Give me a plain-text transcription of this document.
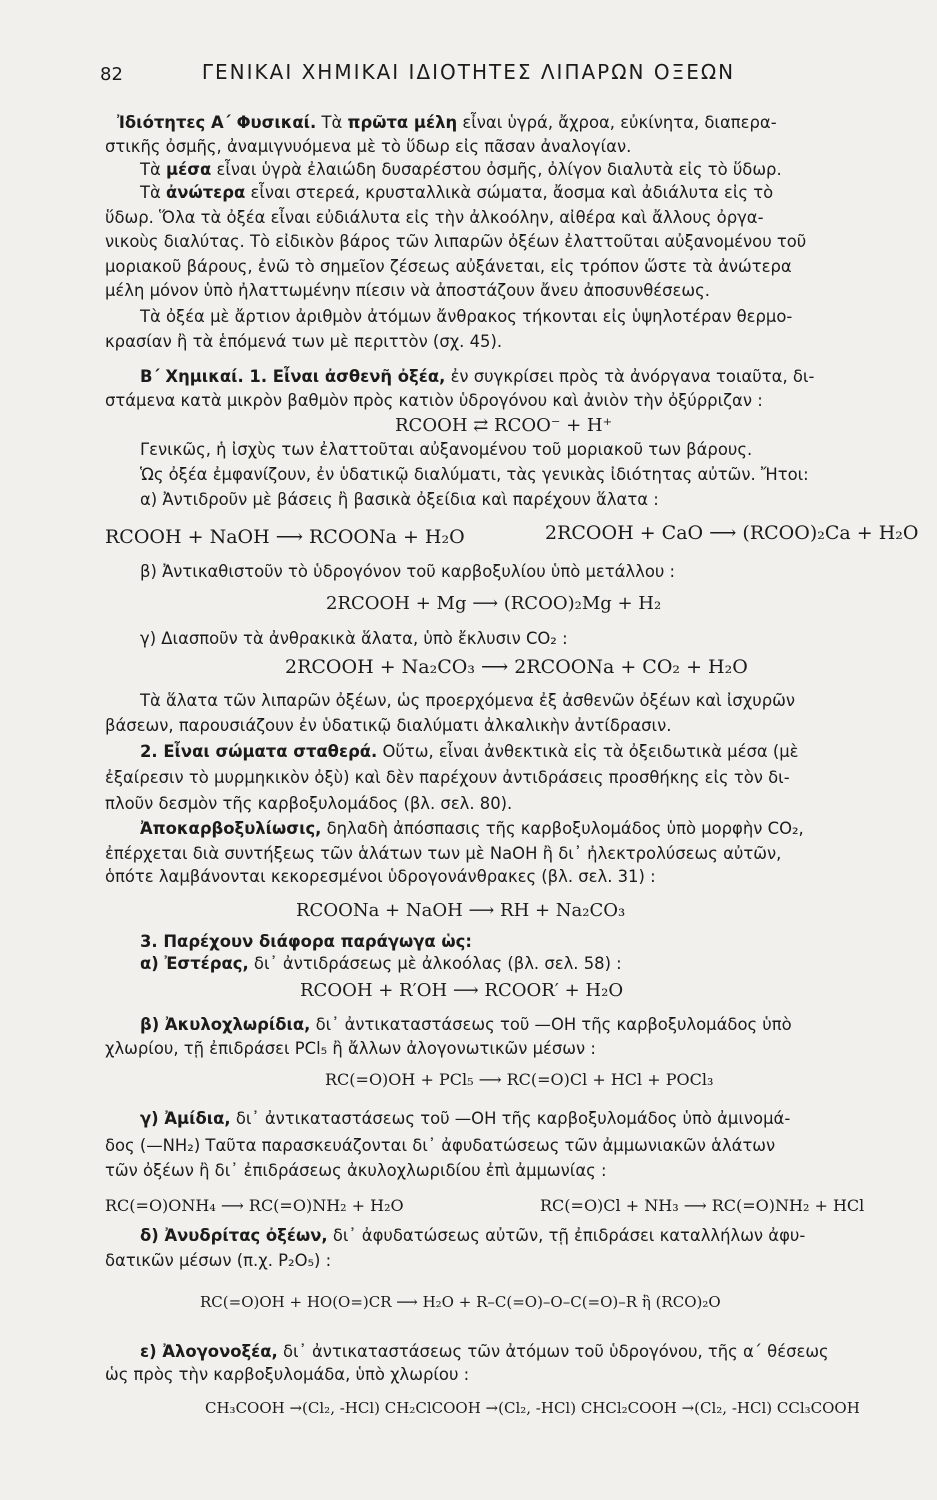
82	ΓΕΝΙΚΑΙ ΧΗΜΙΚΑΙ ΙΔΙΟΤΗΤΕΣ ΛΙΠΑΡΩΝ ΟΞΕΩΝ
Ἰδιότητες Α΄ Φυσικαί. Τὰ πρῶτα μέλη εἶναι ὑγρά, ἄχροα, εὐκίνητα, διαπερα-
στικῆς ὀσμῆς, ἀναμιγνυόμενα μὲ τὸ ὕδωρ εἰς πᾶσαν ἀναλογίαν.
Τὰ μέσα εἶναι ὑγρὰ ἐλαιώδη δυσαρέστου ὀσμῆς, ὀλίγον διαλυτὰ εἰς τὸ ὕδωρ.
Τὰ ἀνώτερα εἶναι στερεά, κρυσταλλικὰ σώματα, ἄοσμα καὶ ἀδιάλυτα εἰς τὸ
ὕδωρ. Ὅλα τὰ ὀξέα εἶναι εὐδιάλυτα εἰς τὴν ἀλκοόλην, αἰθέρα καὶ ἄλλους ὀργα-
νικοὺς διαλύτας. Τὸ εἰδικὸν βάρος τῶν λιπαρῶν ὀξέων ἐλαττοῦται αὐξανομένου τοῦ
μοριακοῦ βάρους, ἐνῶ τὸ σημεῖον ζέσεως αὐξάνεται, εἰς τρόπον ὥστε τὰ ἀνώτερα
μέλη μόνον ὑπὸ ἠλαττωμένην πίεσιν νὰ ἀποστάζουν ἄνευ ἀποσυνθέσεως.
Τὰ ὀξέα μὲ ἄρτιον ἀριθμὸν ἀτόμων ἄνθρακος τήκονται εἰς ὑψηλοτέραν θερμο-
κρασίαν ἢ τὰ ἑπόμενά των μὲ περιττὸν (σχ. 45).
Β΄ Χημικαί. 1. Εἶναι ἀσθενῆ ὀξέα, ἐν συγκρίσει πρὸς τὰ ἀνόργανα τοιαῦτα, δι-
στάμενα κατὰ μικρὸν βαθμὸν πρὸς κατιὸν ὑδρογόνου καὶ ἀνιὸν τὴν ὀξύρριζαν :
RCOOH ⇄ RCOO⁻ + H⁺
Γενικῶς, ἡ ἰσχὺς των ἐλαττοῦται αὐξανομένου τοῦ μοριακοῦ των βάρους.
Ὡς ὀξέα ἐμφανίζουν, ἐν ὑδατικῷ διαλύματι, τὰς γενικὰς ἰδιότητας αὐτῶν. Ἤτοι:
α) Ἀντιδροῦν μὲ βάσεις ἢ βασικὰ ὀξείδια καὶ παρέχουν ἅλατα :
RCOOH + NaOH ⟶ RCOONa + H₂O	2RCOOH + CaO ⟶ (RCOO)₂Ca + H₂O
β) Ἀντικαθιστοῦν τὸ ὑδρογόνον τοῦ καρβοξυλίου ὑπὸ μετάλλου :
2RCOOH + Mg ⟶ (RCOO)₂Mg + H₂
γ) Διασποῦν τὰ ἀνθρακικὰ ἅλατα, ὑπὸ ἔκλυσιν CO₂ :
2RCOOH + Na₂CO₃ ⟶ 2RCOONa + CO₂ + H₂O
Τὰ ἅλατα τῶν λιπαρῶν ὀξέων, ὡς προερχόμενα ἐξ ἀσθενῶν ὀξέων καὶ ἰσχυρῶν
βάσεων, παρουσιάζουν ἐν ὑδατικῷ διαλύματι ἀλκαλικὴν ἀντίδρασιν.
2. Εἶναι σώματα σταθερά. Οὕτω, εἶναι ἀνθεκτικὰ εἰς τὰ ὀξειδωτικὰ μέσα (μὲ
ἐξαίρεσιν τὸ μυρμηκικὸν ὀξὺ) καὶ δὲν παρέχουν ἀντιδράσεις προσθήκης εἰς τὸν δι-
πλοῦν δεσμὸν τῆς καρβοξυλομάδος (βλ. σελ. 80).
Ἀποκαρβοξυλίωσις, δηλαδὴ ἀπόσπασις τῆς καρβοξυλομάδος ὑπὸ μορφὴν CO₂,
ἐπέρχεται διὰ συντήξεως τῶν ἁλάτων των μὲ NaOH ἢ δι᾿ ἠλεκτρολύσεως αὐτῶν,
ὁπότε λαμβάνονται κεκορεσμένοι ὑδρογονάνθρακες (βλ. σελ. 31) :
RCOONa + NaOH ⟶ RH + Na₂CO₃
3. Παρέχουν διάφορα παράγωγα ὡς:
α) Ἐστέρας, δι᾿ ἀντιδράσεως μὲ ἀλκοόλας (βλ. σελ. 58) :
RCOOH + R′OH ⟶ RCOOR′ + H₂O
β) Ἀκυλοχλωρίδια, δι᾿ ἀντικαταστάσεως τοῦ —OH τῆς καρβοξυλομάδος ὑπὸ
χλωρίου, τῇ ἐπιδράσει PCl₅ ἢ ἄλλων ἀλογονωτικῶν μέσων :
RC(=O)OH + PCl₅ ⟶ RC(=O)Cl + HCl + POCl₃
γ) Ἀμίδια, δι᾿ ἀντικαταστάσεως τοῦ —OH τῆς καρβοξυλομάδος ὑπὸ ἀμινομά-
δος (—NH₂) Ταῦτα παρασκευάζονται δι᾿ ἀφυδατώσεως τῶν ἀμμωνιακῶν ἁλάτων
τῶν ὀξέων ἢ δι᾿ ἐπιδράσεως ἀκυλοχλωριδίου ἐπὶ ἀμμωνίας :
RC(=O)ONH₄ ⟶ RC(=O)NH₂ + H₂O	RC(=O)Cl + NH₃ ⟶ RC(=O)NH₂ + HCl
δ) Ἀνυδρίτας ὀξέων, δι᾿ ἀφυδατώσεως αὐτῶν, τῇ ἐπιδράσει καταλλήλων ἀφυ-
δατικῶν μέσων (π.χ. P₂O₅) :
RC(=O)OH + HO(O=)CR ⟶ H₂O + R–C(=O)–O–C(=O)–R ἢ (RCO)₂O
ε) Ἀλογονοξέα, δι᾿ ἀντικαταστάσεως τῶν ἀτόμων τοῦ ὑδρογόνου, τῆς α΄ θέσεως
ὡς πρὸς τὴν καρβοξυλομάδα, ὑπὸ χλωρίου :
CH₃COOH →(Cl₂, -HCl) CH₂ClCOOH →(Cl₂, -HCl) CHCl₂COOH →(Cl₂, -HCl) CCl₃COOH
